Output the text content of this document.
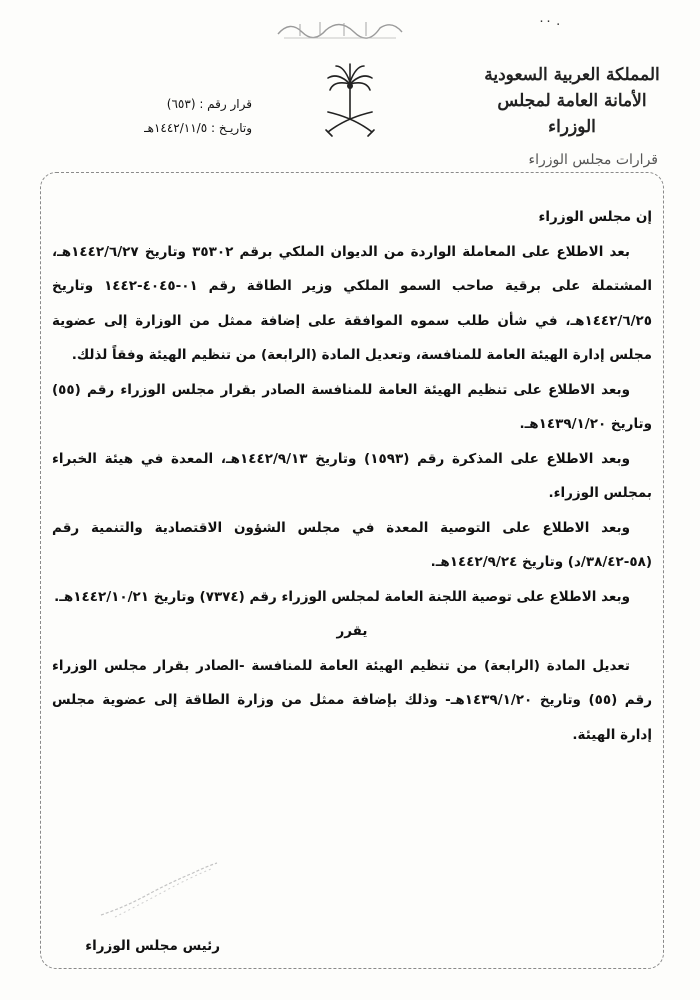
٠٠ .
المملكة العربية السعودية
الأمانة العامة لمجلس الوزراء
قرارات مجلس الوزراء
قرار رقم : (٦٥٣)
وتاريـخ : ١٤٤٢/١١/٥هـ

إن مجلس الوزراء

بعد الاطلاع على المعاملة الواردة من الديوان الملكي برقم ٣٥٣٠٢ وتاريخ ١٤٤٢/٦/٢٧هـ، المشتملة على برقية صاحب السمو الملكي وزير الطاقة رقم ٠١-٤٠٤٥-١٤٤٢ وتاريخ ١٤٤٢/٦/٢٥هـ، في شأن طلب سموه الموافقة على إضافة ممثل من الوزارة إلى عضوية مجلس إدارة الهيئة العامة للمنافسة، وتعديل المادة (الرابعة) من تنظيم الهيئة وفقاً لذلك.

وبعد الاطلاع على تنظيم الهيئة العامة للمنافسة الصادر بقرار مجلس الوزراء رقم (٥٥) وتاريخ ١٤٣٩/١/٢٠هـ.

وبعد الاطلاع على المذكرة رقم (١٥٩٣) وتاريخ ١٤٤٢/٩/١٣هـ، المعدة في هيئة الخبراء بمجلس الوزراء.

وبعد الاطلاع على التوصية المعدة في مجلس الشؤون الاقتصادية والتنمية رقم (٥٨-٣٨/٤٢/د) وتاريخ ١٤٤٢/٩/٢٤هـ.

وبعد الاطلاع على توصية اللجنة العامة لمجلس الوزراء رقم (٧٣٧٤) وتاريخ ١٤٤٢/١٠/٢١هـ.

يقرر

تعديل المادة (الرابعة) من تنظيم الهيئة العامة للمنافسة -الصادر بقرار مجلس الوزراء رقم (٥٥) وتاريخ ١٤٣٩/١/٢٠هـ- وذلك بإضافة ممثل من وزارة الطاقة إلى عضوية مجلس إدارة الهيئة.

رئيس مجلس الوزراء
